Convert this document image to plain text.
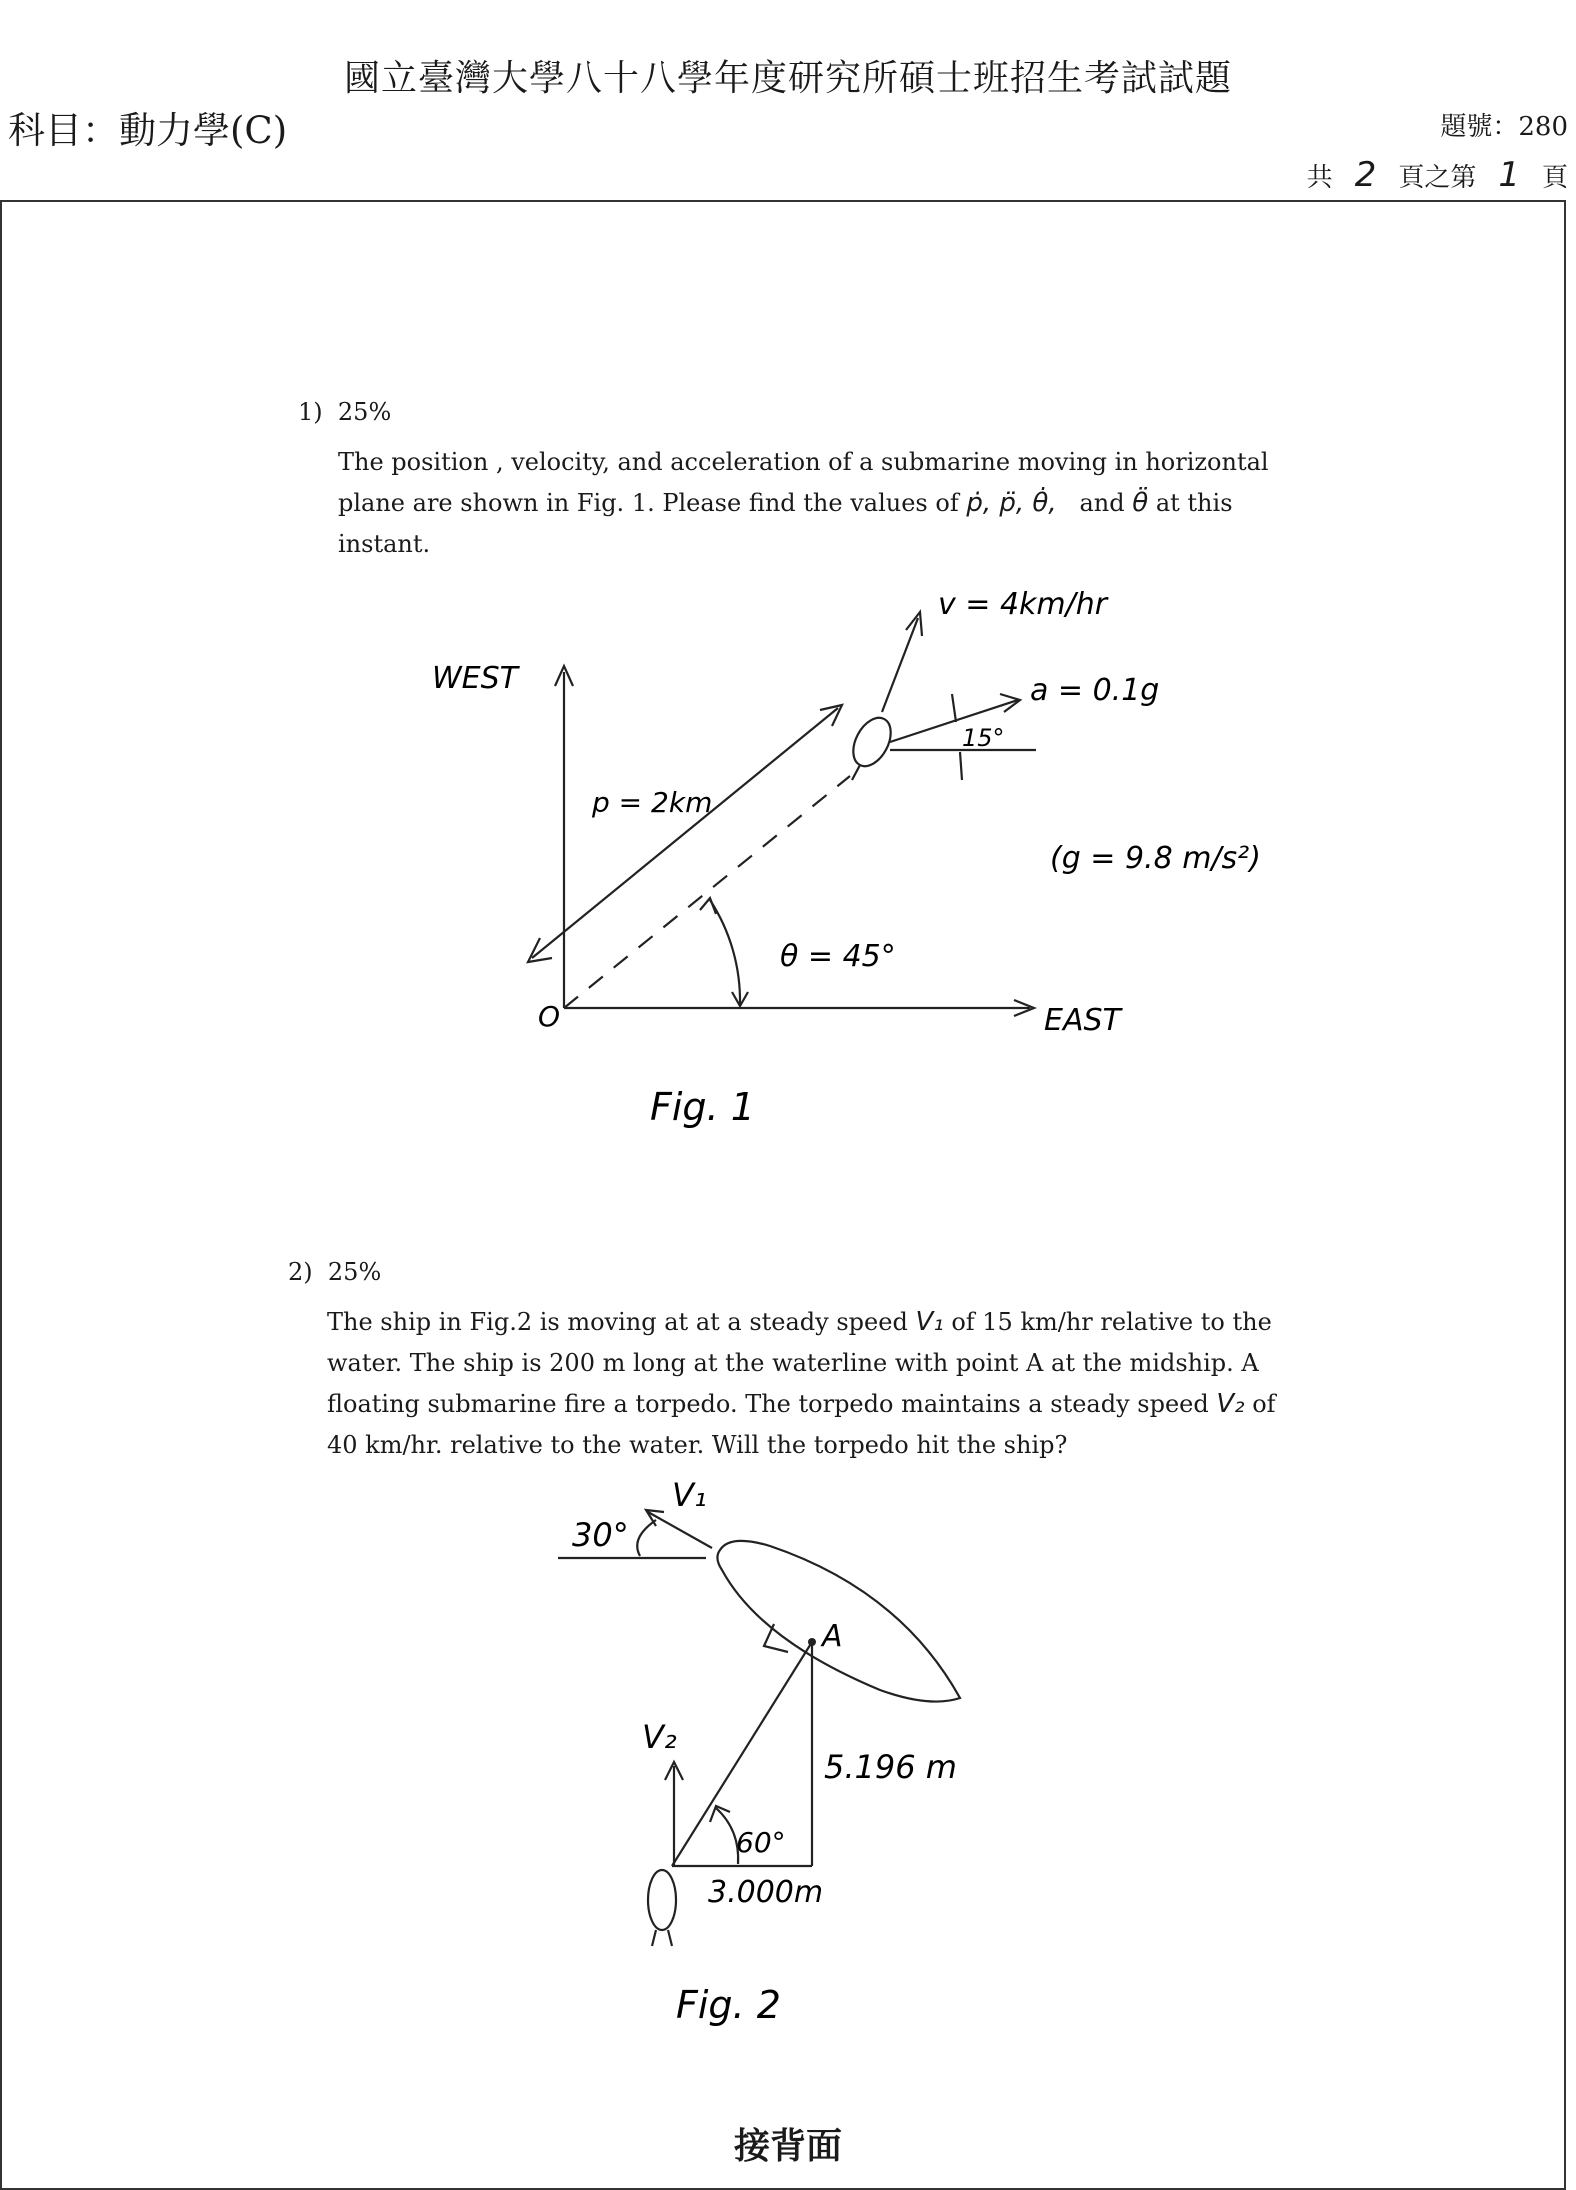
國立臺灣大學八十八學年度研究所碩士班招生考試試題
科目：動力學(C)	題號：280
共 2 頁之第 1 頁
1) 25%
The position , velocity, and acceleration of a submarine moving in horizontal plane are shown in Fig. 1. Please find the values of ṗ, p̈, θ̇, and θ̈ at this instant.
WEST
EAST
O
p = 2km
v = 4km/hr
a = 0.1g
15°
θ = 45°
(g = 9.8 m/s²)
Fig. 1
2) 25%
The ship in Fig.2 is moving at at a steady speed V₁ of 15 km/hr relative to the water. The ship is 200 m long at the waterline with point A at the midship. A floating submarine fire a torpedo. The torpedo maintains a steady speed V₂ of 40 km/hr. relative to the water. Will the torpedo hit the ship?
30°
V₁
A
V₂
5.196 m
60°
3.000m
Fig. 2
接背面
